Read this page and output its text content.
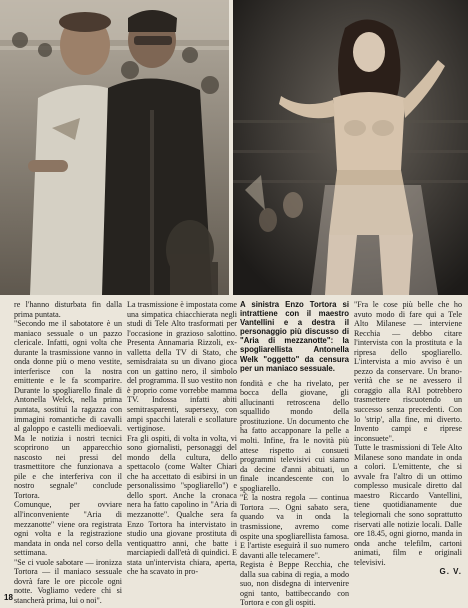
re l'hanno disturbata fin dalla prima puntata.

"Secondo me il sabotatore è un maniaco sessuale o un pazzo clericale. Infatti, ogni volta che durante la trasmissione vanno in onda donne più o meno vestite, interferisce con la nostra emittente e le fa scomparire. Durante lo spogliarello finale di Antonella Welck, nella prima puntata, sostituì la ragazza con immagini romantiche di cavalli al galoppo e castelli medioevali. Ma le notizia i nostri tecnici scoprirono un apparecchio nascosto nei pressi del trasmettitore che funzionava a pile e che interferiva con il nostro segnale" conclude Tortora.

Comunque, per ovviare all'inconveniente "Aria di mezzanotte" viene ora registrata ogni volta e la registrazione mandata in onda nel corso della settimana.

"Se ci vuole sabotare — ironizza Tortora — il maniaco sessuale dovrà fare le ore piccole ogni notte. Vogliamo vedere chi si stancherà prima, lui o noi".

La trasmissione è impostata come una simpatica chiacchierata negli studi di Tele Alto trasformati per l'occasione in grazioso salottino. Presenta Annamaria Rizzoli, ex-valletta della TV di Stato, che semisdraiata su un divano gioca con un gattino nero, il simbolo del programma. Il suo vestito non è proprio come vorrebbe mamma TV. Indossa infatti abiti semitrasparenti, supersexy, con ampi spacchi laterali e scollature vertiginose.

Fra gli ospiti, di volta in volta, vi sono giornalisti, personaggi del mondo della cultura, dello spettacolo (come Walter Chiari che ha accettato di esibirsi in un personalissimo "spogliarello") e dello sport. Anche la cronaca nera ha fatto capolino in "Aria di mezzanotte". Qualche sera fa Enzo Tortora ha intervistato in studio una giovane prostituta di ventiquattro anni, che batte i marciapiedi dall'età di quindici. E stata un'intervista chiara, aperta, che ha scavato in pro-

A sinistra Enzo Tortora si intrattiene con il maestro Vantellini e a destra il personaggio più discusso di "Aria di mezzanotte": la spogliarellista Antonella Welk "oggetto" da censura per un maniaco sessuale.

fondità e che ha rivelato, per bocca della giovane, gli allucinanti retroscena dello squallido mondo della prostituzione. Un documento che ha fatto accapponare la pelle a molti. Infine, fra le novità più attese rispetto ai consueti programmi televisivi cui siamo da decine d'anni abituati, un finale incandescente con lo spogliarello.

"È la nostra regola — continua Tortora —. Ogni sabato sera, quando va in onda la trasmissione, avremo come ospite una spogliarellista famosa. E l'artiste eseguirà il suo numero davanti alle telecamere".

Regista è Beppe Recchia, che dalla sua cabina di regia, a modo suo, non disdegna di intervenire ogni tanto, battibeccando con Tortora e con gli ospiti.

"Fra le cose più belle che ho avuto modo di fare qui a Tele Alto Milanese — interviene Recchia — debbo citare l'intervista con la prostituta e la ripresa dello spogliarello. L'intervista a mio avviso è un pezzo da conservare. Un brano-verità che se ne avessero il coraggio alla RAI potrebbero trasmettere riscuotendo un successo senza precedenti. Con lo 'strip', alla fine, mi diverto. Invento campi e riprese inconsuete".

Tutte le trasmissioni di Tele Alto Milanese sono mandate in onda a colori. L'emittente, che si avvale fra l'altro di un ottimo complesso musicale diretto dal maestro Riccardo Vantellini, tiene quotidianamente due telegiornali che sono soprattutto riservati alle notizie locali. Dalle ore 18.45, ogni giorno, manda in onda anche telefilm, cartoni animati, film e originali televisivi.

G. V.

18
